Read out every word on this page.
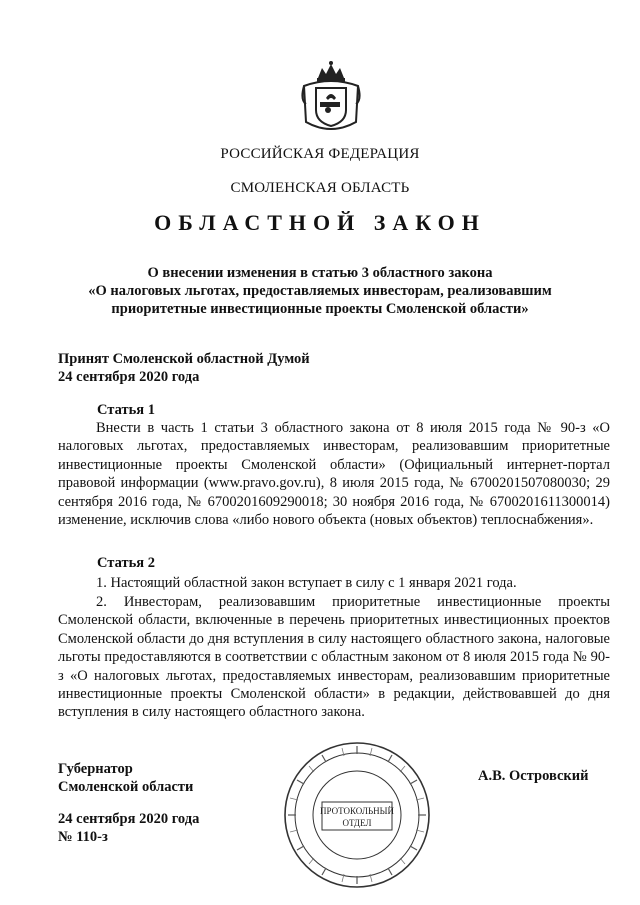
РОССИЙСКАЯ ФЕДЕРАЦИЯ
СМОЛЕНСКАЯ ОБЛАСТЬ
ОБЛАСТНОЙ ЗАКОН
О внесении изменения в статью 3 областного закона
«О налоговых льготах, предоставляемых инвесторам, реализовавшим
приоритетные инвестиционные проекты Смоленской области»
Принят Смоленской областной Думой
24 сентября 2020 года
Статья 1
Внести в часть 1 статьи 3 областного закона от 8 июля 2015 года № 90-з «О налоговых льготах, предоставляемых инвесторам, реализовавшим приоритетные инвестиционные проекты Смоленской области» (Официальный интернет-портал правовой информации (www.pravo.gov.ru), 8 июля 2015 года, № 6700201507080030; 29 сентября 2016 года, № 6700201609290018; 30 ноября 2016 года, № 6700201611300014) изменение, исключив слова «либо нового объекта (новых объектов) теплоснабжения».
Статья 2
1. Настоящий областной закон вступает в силу с 1 января 2021 года.
2. Инвесторам, реализовавшим приоритетные инвестиционные проекты Смоленской области, включенные в перечень приоритетных инвестиционных проектов Смоленской области до дня вступления в силу настоящего областного закона, налоговые льготы предоставляются в соответствии с областным законом от 8 июля 2015 года № 90-з «О налоговых льготах, предоставляемых инвесторам, реализовавшим приоритетные инвестиционные проекты Смоленской области» в редакции, действовавшей до дня вступления в силу настоящего областного закона.
Губернатор
Смоленской области
24 сентября 2020 года
№ 110-з
А.В. Островский
ПРОТОКОЛЬНЫЙ
ОТДЕЛ
